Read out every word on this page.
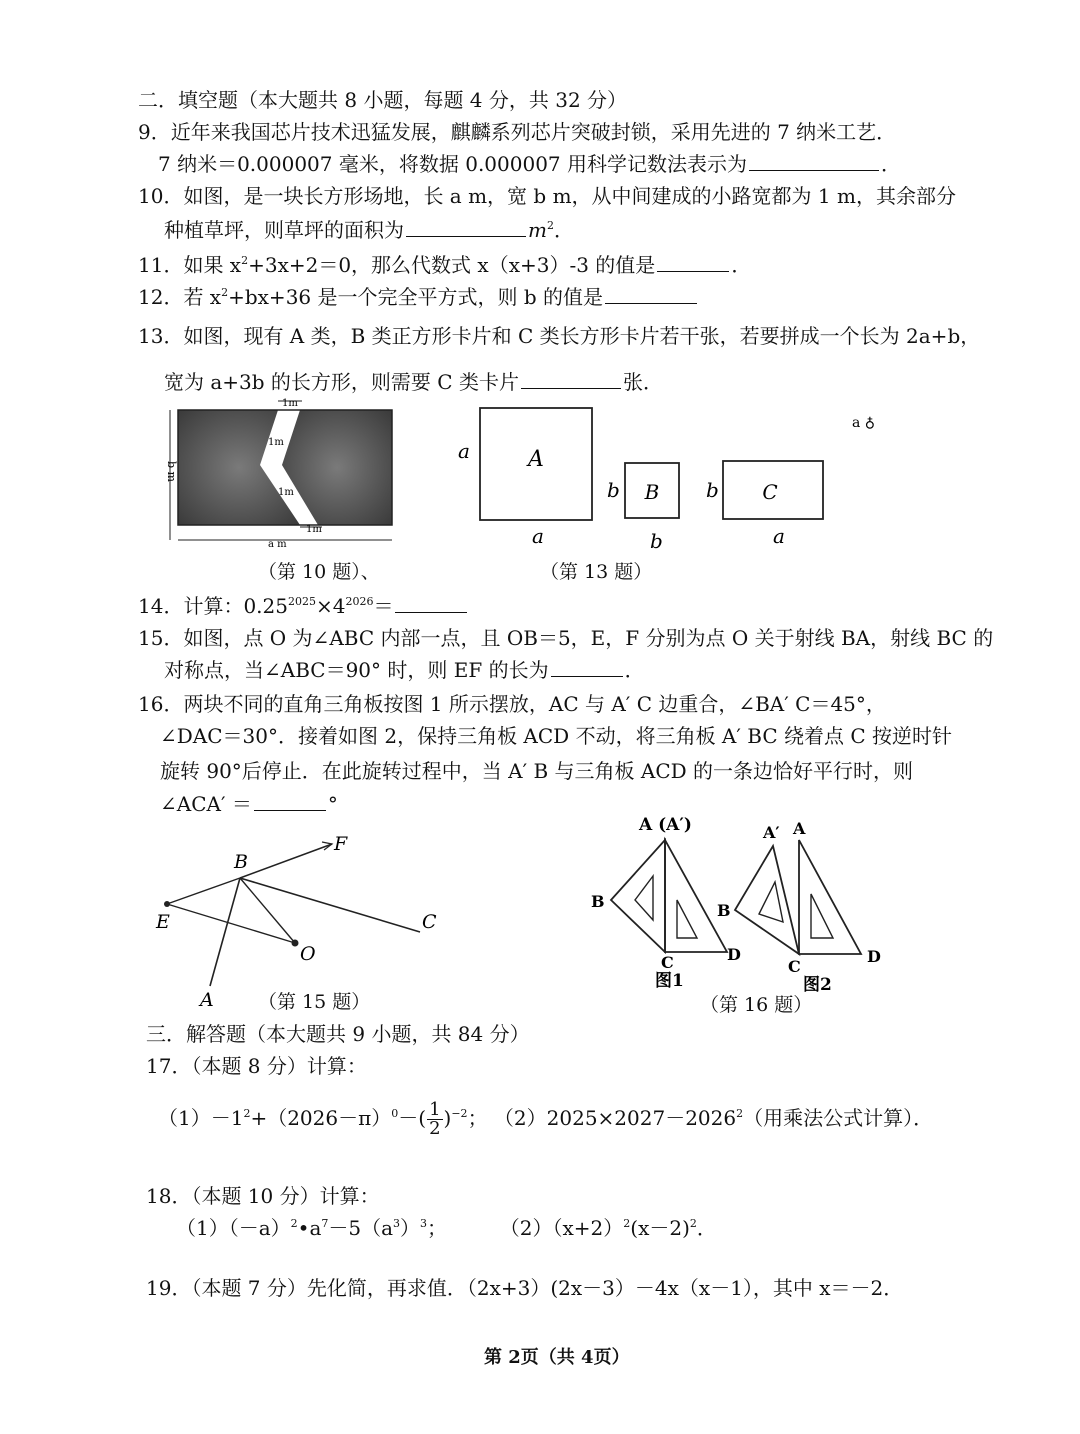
二．填空题（本大题共 8 小题，每题 4 分，共 32 分）
9．近年来我国芯片技术迅猛发展，麒麟系列芯片突破封锁，采用先进的 7 纳米工艺．
7 纳米＝0.000007 毫米，将数据 0.000007 用科学记数法表示为	．
10．如图，是一块长方形场地，长 a m，宽 b m，从中间建成的小路宽都为 1 m，其余部分
种植草坪，则草坪的面积为	$m^2$．
11．如果 $x^2+3x+2=0$，那么代数式 x（x+3）-3 的值是	．
12．若 $x^2+bx+36$ 是一个完全平方式，则 b 的值是
13．如图，现有 A 类，B 类正方形卡片和 C 类长方形卡片若干张，若要拼成一个长为 2a+b，
宽为 a+3b 的长方形，则需要 C 类卡片	张．
1m
1m
1m
1m
b m
a m
（第 10 题）、
A
a
a
B
b
b
C
b
a
a ♁
（第 13 题）
14．计算：$0.25^{2025}\times 4^{2026}=$
15．如图，点 O 为∠ABC 内部一点，且 OB＝5，E，F 分别为点 O 关于射线 BA，射线 BC 的
对称点，当∠ABC＝90° 时，则 EF 的长为	．
16．两块不同的直角三角板按图 1 所示摆放，AC 与 A′ C 边重合，∠BA′ C＝45°，
∠DAC＝30°．接着如图 2，保持三角板 ACD 不动，将三角板 A′ BC 绕着点 C 按逆时针
旋转 90°后停止．在此旋转过程中，当 A′ B 与三角板 ACD 的一条边恰好平行时，则
∠ACA′ ＝	°
B
F
E	C
O
A （第 15 题）
A (A′)
B
C	D
图1
A′ A
B
C
D
图2
（第 16 题）
三．解答题（本大题共 9 小题，共 84 分）
17．（本题 8 分）计算：
$(1)-1^2+(2026-\pi)^0-( \frac{1}{2} )^{-2}$； $(2)2025\times 2027-2026^2$（用乘法公式计算）．
18．（本题 10 分）计算：
$(1)(-a)^2•a^7-5(a^3)^3$；	$(2)(x+2)^2(x-2)^2$．
19．（本题 7 分）先化简，再求值．（2x+3）(2x－3）－4x（x－1），其中 x＝－2．
第 2页（共 4页）
